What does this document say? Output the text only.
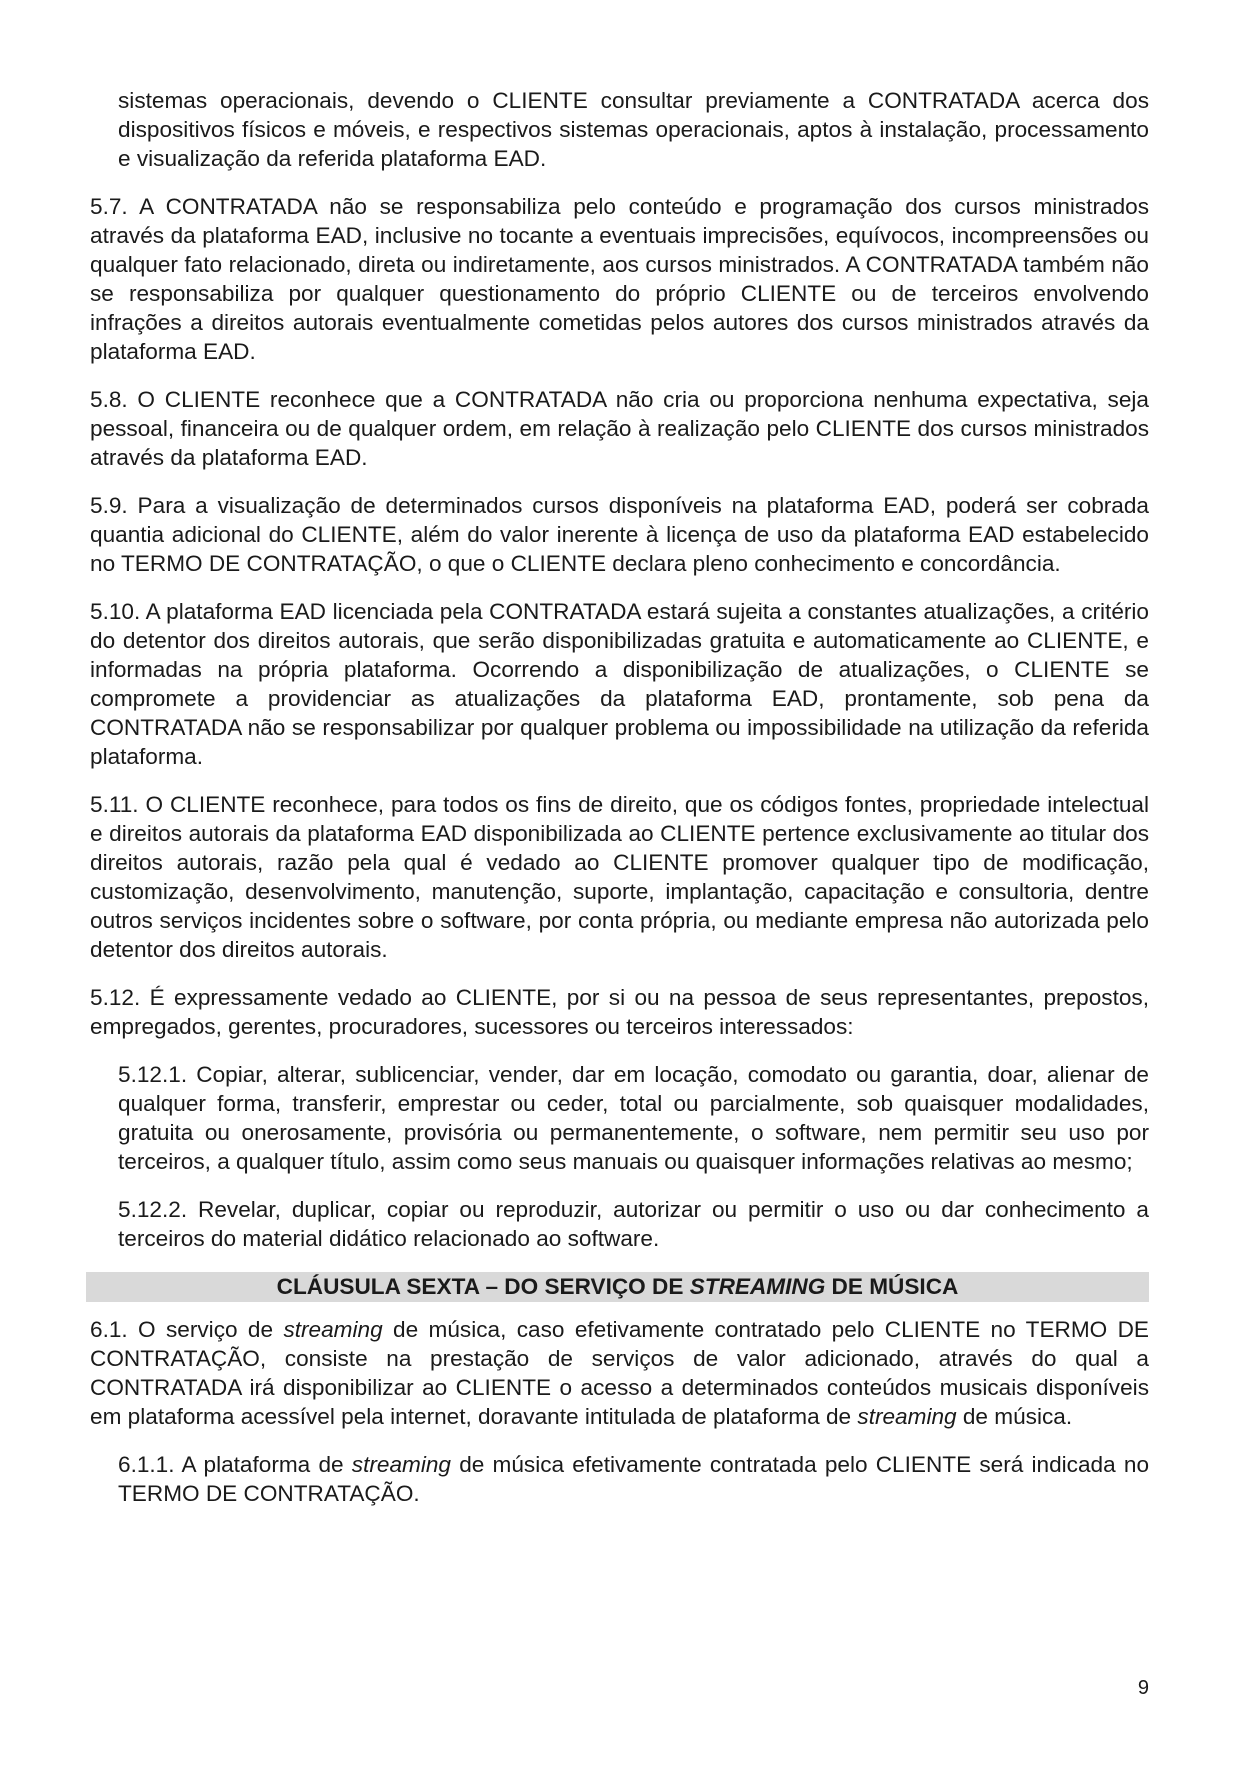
sistemas operacionais, devendo o CLIENTE consultar previamente a CONTRATADA acerca dos dispositivos físicos e móveis, e respectivos sistemas operacionais, aptos à instalação, processamento e visualização da referida plataforma EAD.

5.7. A CONTRATADA não se responsabiliza pelo conteúdo e programação dos cursos ministrados através da plataforma EAD, inclusive no tocante a eventuais imprecisões, equívocos, incompreensões ou qualquer fato relacionado, direta ou indiretamente, aos cursos ministrados. A CONTRATADA também não se responsabiliza por qualquer questionamento do próprio CLIENTE ou de terceiros envolvendo infrações a direitos autorais eventualmente cometidas pelos autores dos cursos ministrados através da plataforma EAD.

5.8. O CLIENTE reconhece que a CONTRATADA não cria ou proporciona nenhuma expectativa, seja pessoal, financeira ou de qualquer ordem, em relação à realização pelo CLIENTE dos cursos ministrados através da plataforma EAD.

5.9. Para a visualização de determinados cursos disponíveis na plataforma EAD, poderá ser cobrada quantia adicional do CLIENTE, além do valor inerente à licença de uso da plataforma EAD estabelecido no TERMO DE CONTRATAÇÃO, o que o CLIENTE declara pleno conhecimento e concordância.

5.10. A plataforma EAD licenciada pela CONTRATADA estará sujeita a constantes atualizações, a critério do detentor dos direitos autorais, que serão disponibilizadas gratuita e automaticamente ao CLIENTE, e informadas na própria plataforma. Ocorrendo a disponibilização de atualizações, o CLIENTE se compromete a providenciar as atualizações da plataforma EAD, prontamente, sob pena da CONTRATADA não se responsabilizar por qualquer problema ou impossibilidade na utilização da referida plataforma.

5.11. O CLIENTE reconhece, para todos os fins de direito, que os códigos fontes, propriedade intelectual e direitos autorais da plataforma EAD disponibilizada ao CLIENTE pertence exclusivamente ao titular dos direitos autorais, razão pela qual é vedado ao CLIENTE promover qualquer tipo de modificação, customização, desenvolvimento, manutenção, suporte, implantação, capacitação e consultoria, dentre outros serviços incidentes sobre o software, por conta própria, ou mediante empresa não autorizada pelo detentor dos direitos autorais.

5.12. É expressamente vedado ao CLIENTE, por si ou na pessoa de seus representantes, prepostos, empregados, gerentes, procuradores, sucessores ou terceiros interessados:

5.12.1. Copiar, alterar, sublicenciar, vender, dar em locação, comodato ou garantia, doar, alienar de qualquer forma, transferir, emprestar ou ceder, total ou parcialmente, sob quaisquer modalidades, gratuita ou onerosamente, provisória ou permanentemente, o software, nem permitir seu uso por terceiros, a qualquer título, assim como seus manuais ou quaisquer informações relativas ao mesmo;

5.12.2. Revelar, duplicar, copiar ou reproduzir, autorizar ou permitir o uso ou dar conhecimento a terceiros do material didático relacionado ao software.

CLÁUSULA SEXTA – DO SERVIÇO DE STREAMING DE MÚSICA

6.1. O serviço de streaming de música, caso efetivamente contratado pelo CLIENTE no TERMO DE CONTRATAÇÃO, consiste na prestação de serviços de valor adicionado, através do qual a CONTRATADA irá disponibilizar ao CLIENTE o acesso a determinados conteúdos musicais disponíveis em plataforma acessível pela internet, doravante intitulada de plataforma de streaming de música.

6.1.1. A plataforma de streaming de música efetivamente contratada pelo CLIENTE será indicada no TERMO DE CONTRATAÇÃO.

9
